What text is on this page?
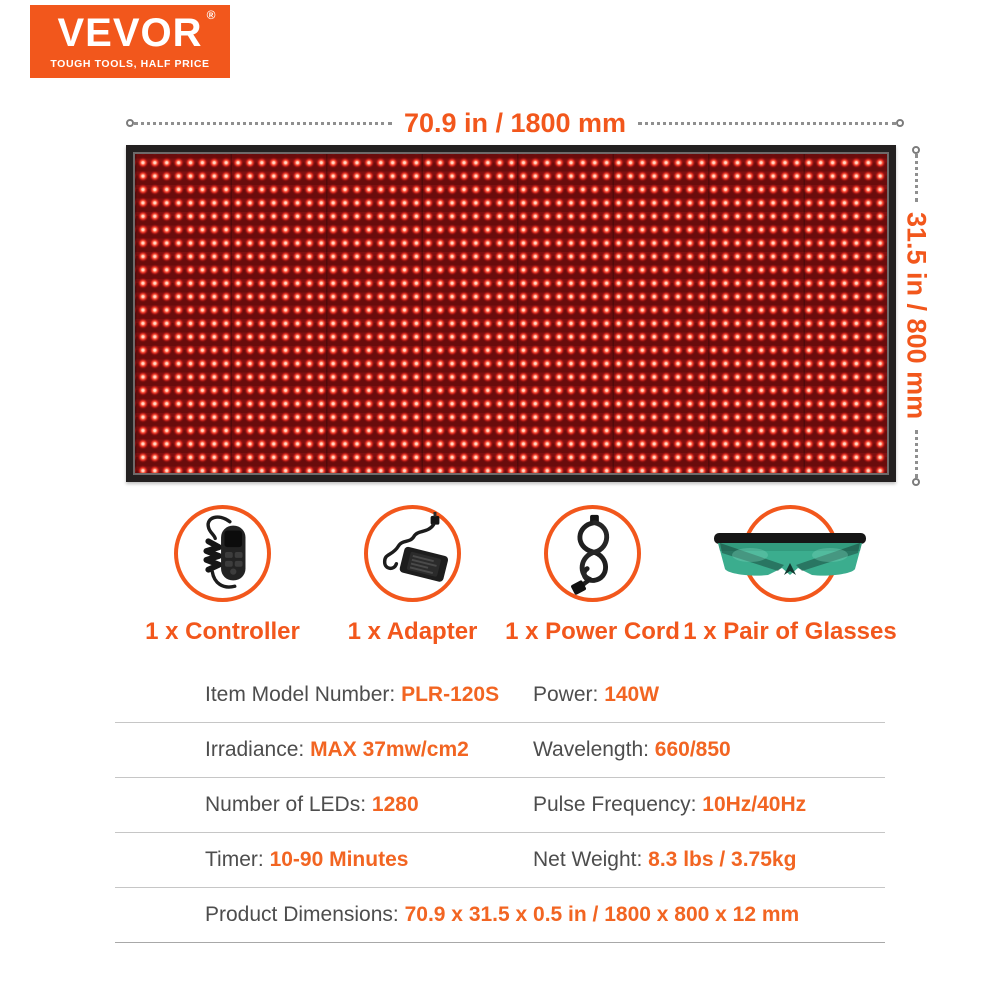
VEVOR ®
TOUGH TOOLS, HALF PRICE
70.9 in / 1800 mm
31.5 in / 800 mm
1 x Controller	1 x Adapter	1 x Power Cord 1 x Pair of Glasses
Item Model Number: PLR-120S Power: 140W
Irradiance: MAX 37mw/cm2	Wavelength: 660/850
Number of LEDs: 1280	Pulse Frequency: 10Hz/40Hz
Timer: 10-90 Minutes	Net Weight: 8.3 lbs / 3.75kg
Product Dimensions: 70.9 x 31.5 x 0.5 in / 1800 x 800 x 12 mm
